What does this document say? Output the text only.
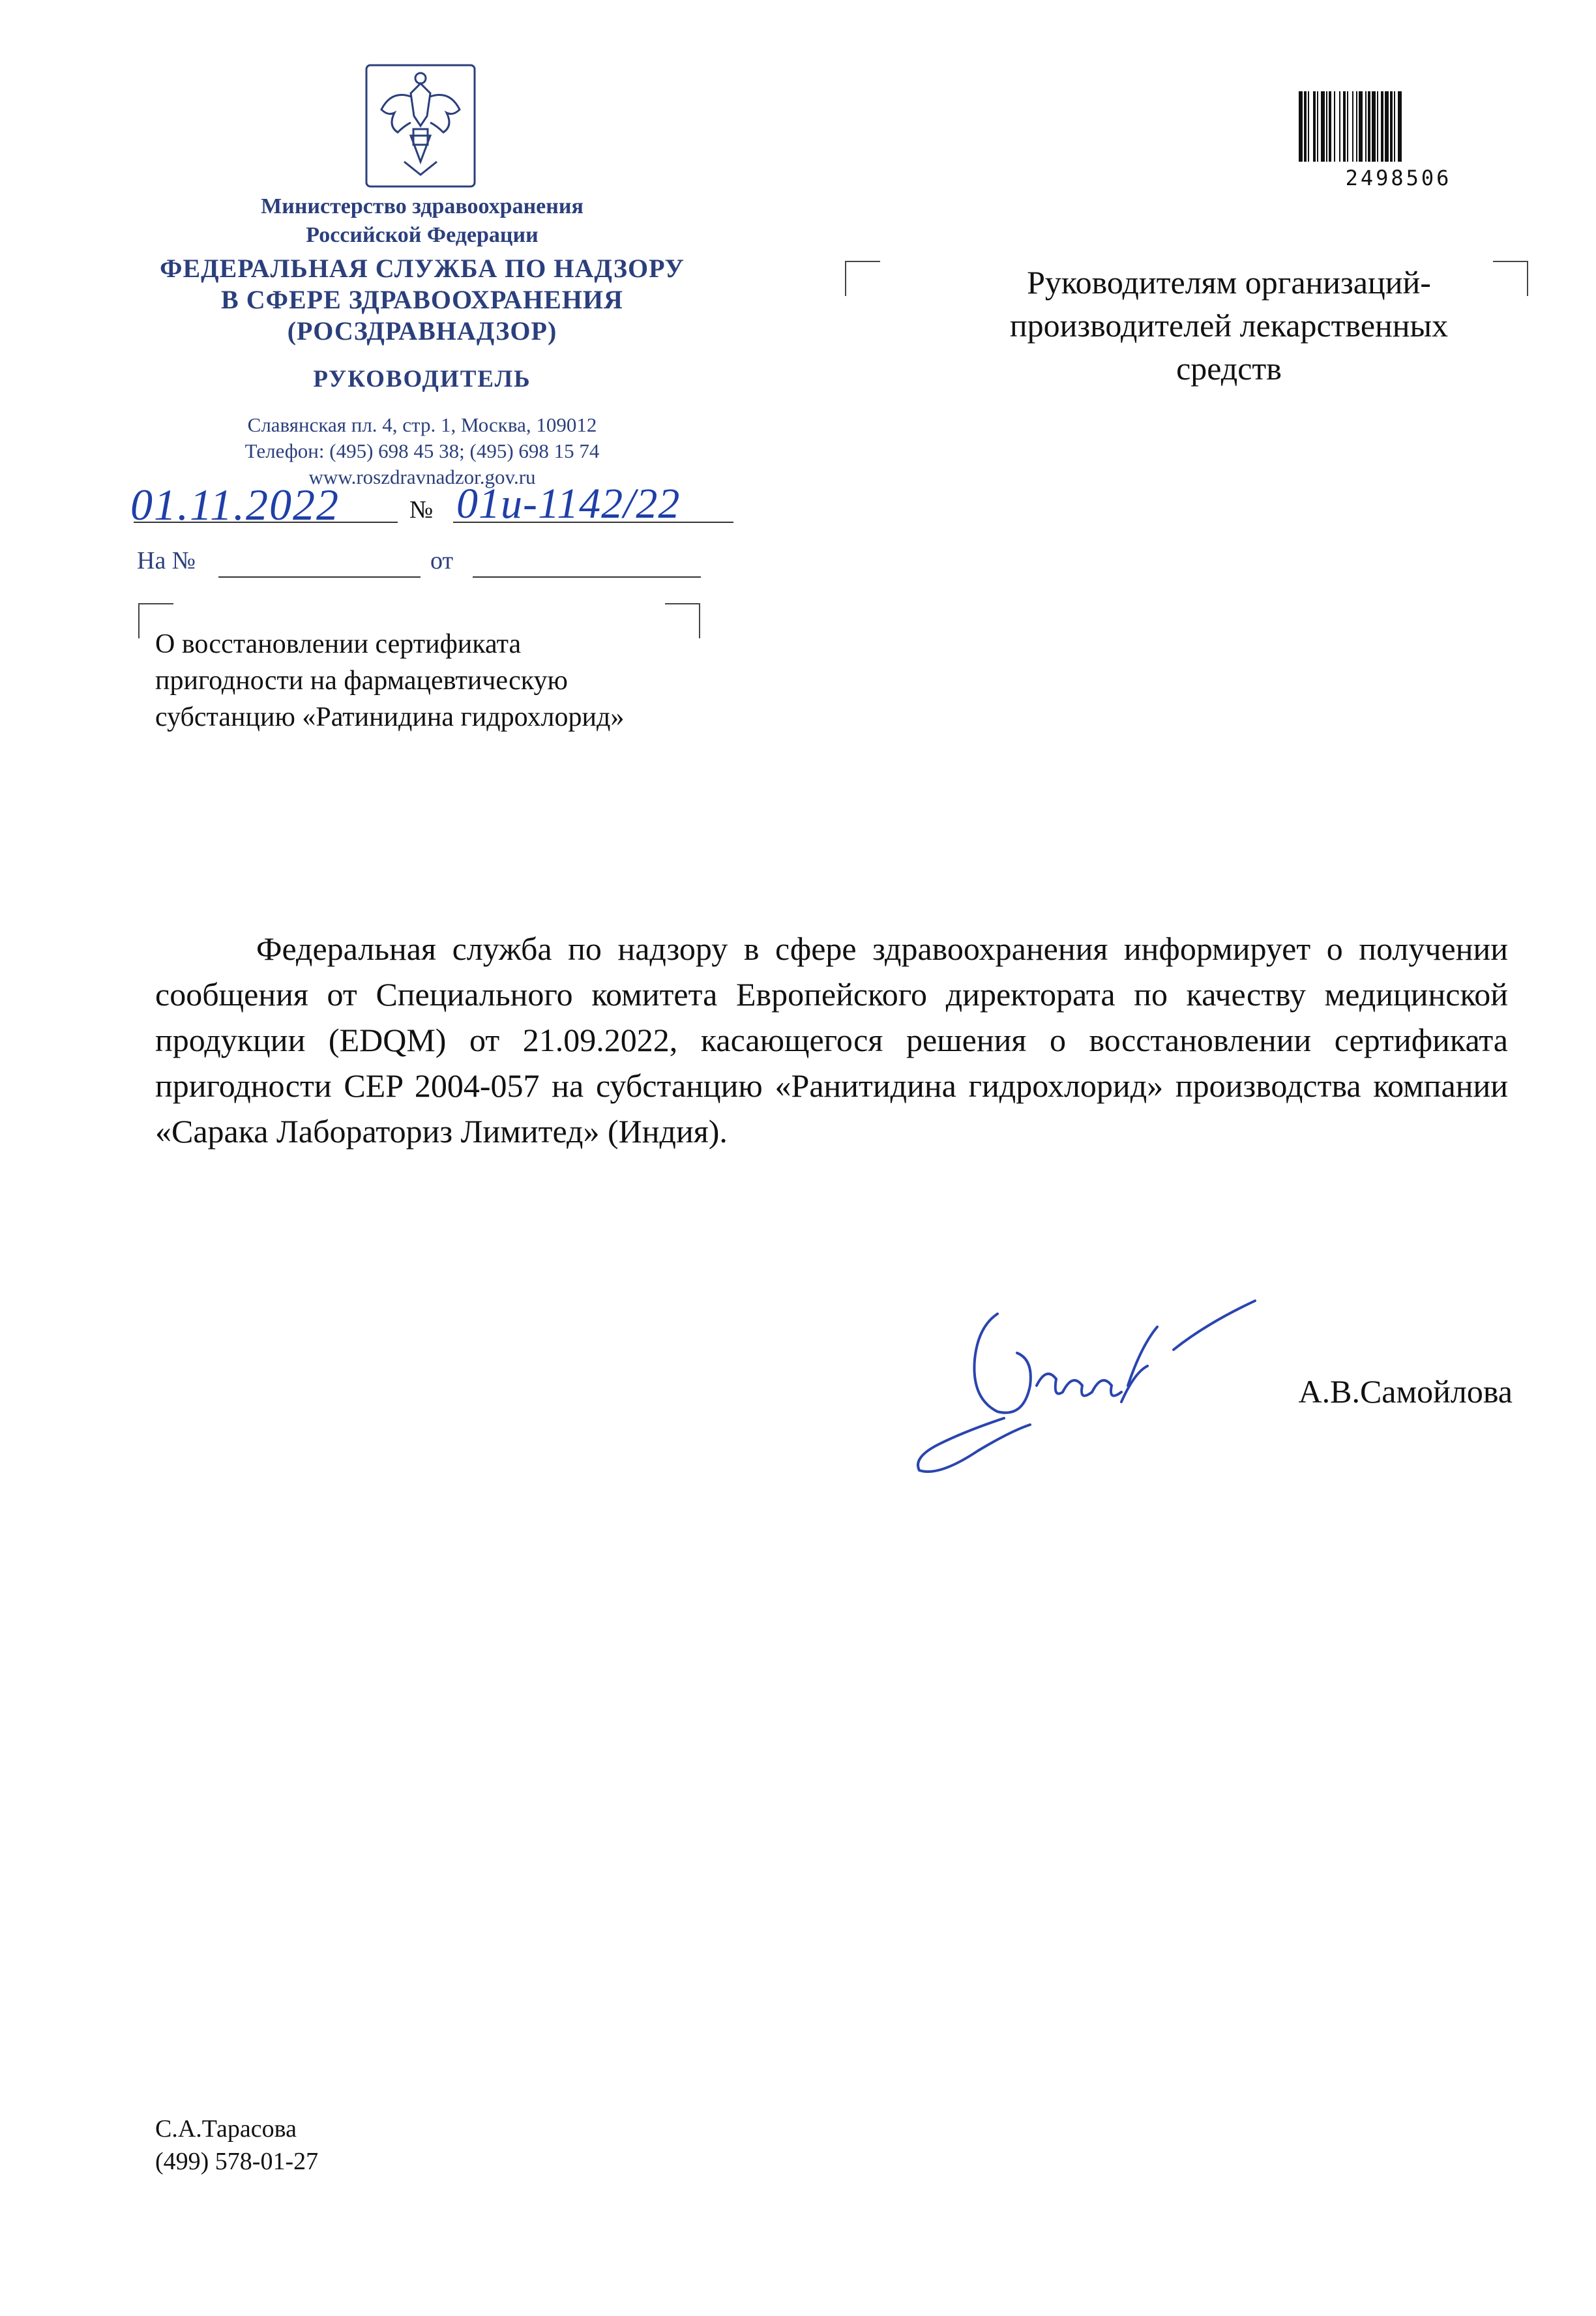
Министерство здравоохранения
Российской Федерации
ФЕДЕРАЛЬНАЯ СЛУЖБА ПО НАДЗОРУ
В СФЕРЕ ЗДРАВООХРАНЕНИЯ
(РОСЗДРАВНАДЗОР)
РУКОВОДИТЕЛЬ
Славянская пл. 4, стр. 1, Москва, 109012
Телефон: (495) 698 45 38; (495) 698 15 74
www.roszdravnadzor.gov.ru
01.11.2022	№ 01и-1142/22
На №	от
О восстановлении сертификата
пригодности на фармацевтическую
субстанцию «Ратинидина гидрохлорид»
2498506
Руководителям организаций-
производителей лекарственных
средств
Федеральная служба по надзору в сфере здравоохранения информирует о получении сообщения от Специального комитета Европейского директората по качеству медицинской продукции (EDQM) от 21.09.2022, касающегося решения о восстановлении сертификата пригодности CEP 2004-057 на субстанцию «Ранитидина гидрохлорид» производства компании «Сарака Лабораториз Лимитед» (Индия).
А.В.Самойлова
С.А.Тарасова
(499) 578-01-27
